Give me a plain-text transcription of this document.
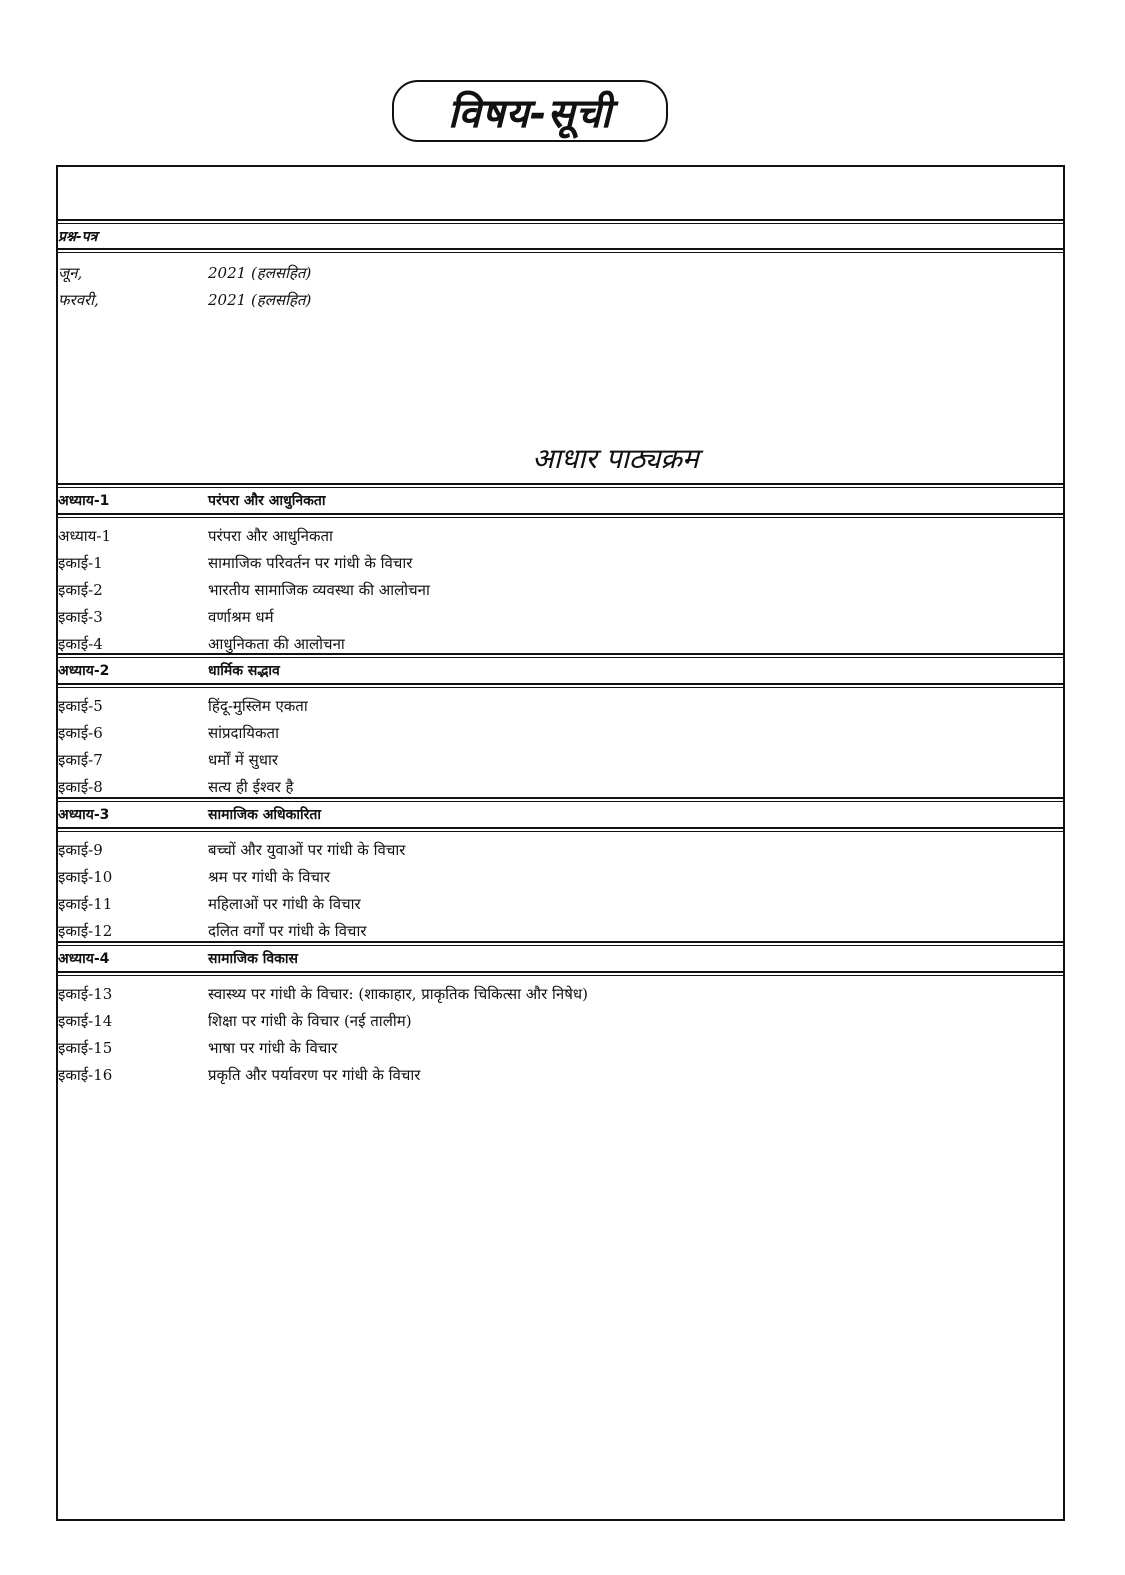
विषय-सूची
प्रश्न-पत्र
जून,	2021 (हलसहित)
फरवरी,	2021 (हलसहित)
आधार पाठ्यक्रम
अध्याय-1	परंपरा और आधुनिकता
अध्याय-1	परंपरा और आधुनिकता
इकाई-1	सामाजिक परिवर्तन पर गांधी के विचार
इकाई-2	भारतीय सामाजिक व्यवस्था की आलोचना
इकाई-3	वर्णाश्रम धर्म
इकाई-4	आधुनिकता की आलोचना
अध्याय-2	धार्मिक सद्भाव
इकाई-5	हिंदू-मुस्लिम एकता
इकाई-6	सांप्रदायिकता
इकाई-7	धर्मों में सुधार
इकाई-8	सत्य ही ईश्वर है
अध्याय-3	सामाजिक अधिकारिता
इकाई-9	बच्चों और युवाओं पर गांधी के विचार
इकाई-10	श्रम पर गांधी के विचार
इकाई-11	महिलाओं पर गांधी के विचार
इकाई-12	दलित वर्गों पर गांधी के विचार
अध्याय-4	सामाजिक विकास
इकाई-13	स्वास्थ्य पर गांधी के विचार: (शाकाहार, प्राकृतिक चिकित्सा और निषेध)
इकाई-14	शिक्षा पर गांधी के विचार (नई तालीम)
इकाई-15	भाषा पर गांधी के विचार
इकाई-16	प्रकृति और पर्यावरण पर गांधी के विचार
